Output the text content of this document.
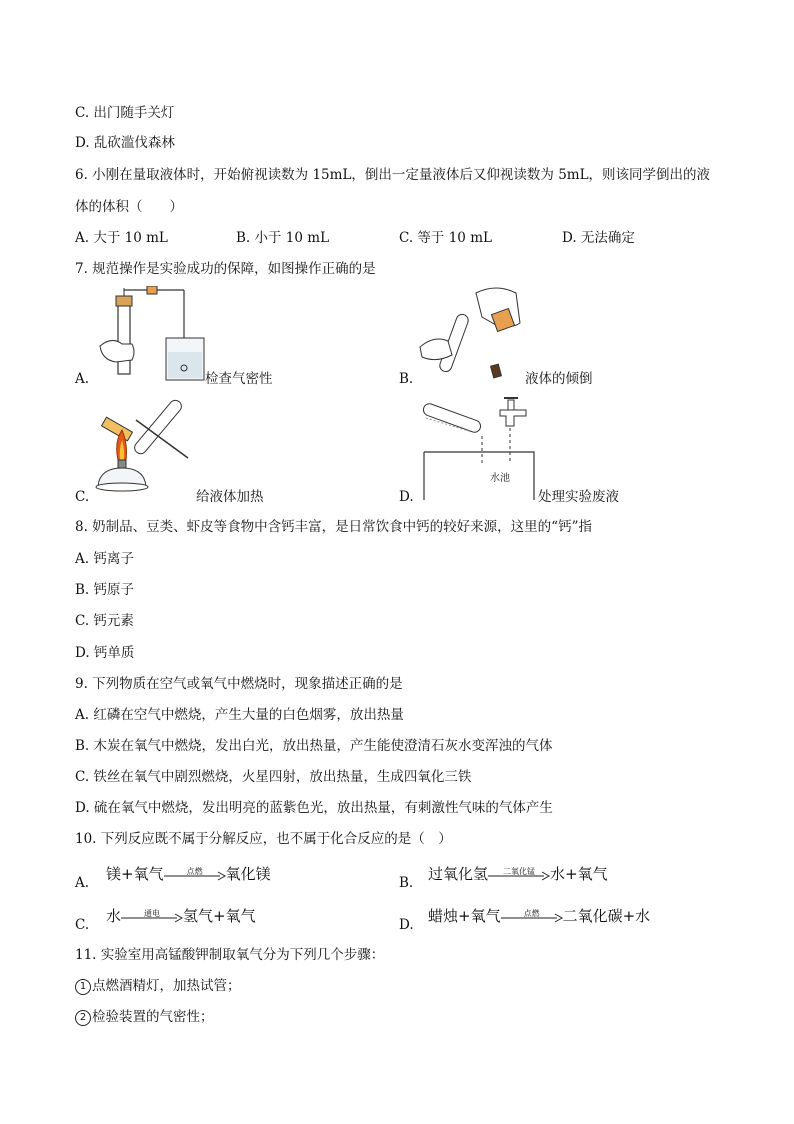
C. 出门随手关灯
D. 乱砍滥伐森林
6. 小刚在量取液体时，开始俯视读数为 15mL，倒出一定量液体后又仰视读数为 5mL，则该同学倒出的液
体的体积（　　）
A. 大于 10 mL	B. 小于 10 mL	C. 等于 10 mL	D. 无法确定
7. 规范操作是实验成功的保障，如图操作正确的是
A.	检查气密性	B.	液体的倾倒
C.	给液体加热	D.
水池
处理实验废液
8. 奶制品、豆类、虾皮等食物中含钙丰富，是日常饮食中钙的较好来源，这里的“钙”指
A. 钙离子
B. 钙原子
C. 钙元素
D. 钙单质
9. 下列物质在空气或氧气中燃烧时，现象描述正确的是
A. 红磷在空气中燃烧，产生大量的白色烟雾，放出热量
B. 木炭在氧气中燃烧，发出白光，放出热量，产生能使澄清石灰水变浑浊的气体
C. 铁丝在氧气中剧烈燃烧，火星四射，放出热量，生成四氧化三铁
D. 硫在氧气中燃烧，发出明亮的蓝紫色光，放出热量，有刺激性气味的气体产生
10. 下列反应既不属于分解反应，也不属于化合反应的是（　）
A. 镁+氧气	点燃	氧化镁	B. 过氧化氢	二氧化锰	水+氧气
C. 水	通电	氢气+氧气	D. 蜡烛+氧气	点燃	二氧化碳+水
11. 实验室用高锰酸钾制取氧气分为下列几个步骤：
1 点燃酒精灯，加热试管；
2 检验装置的气密性；
